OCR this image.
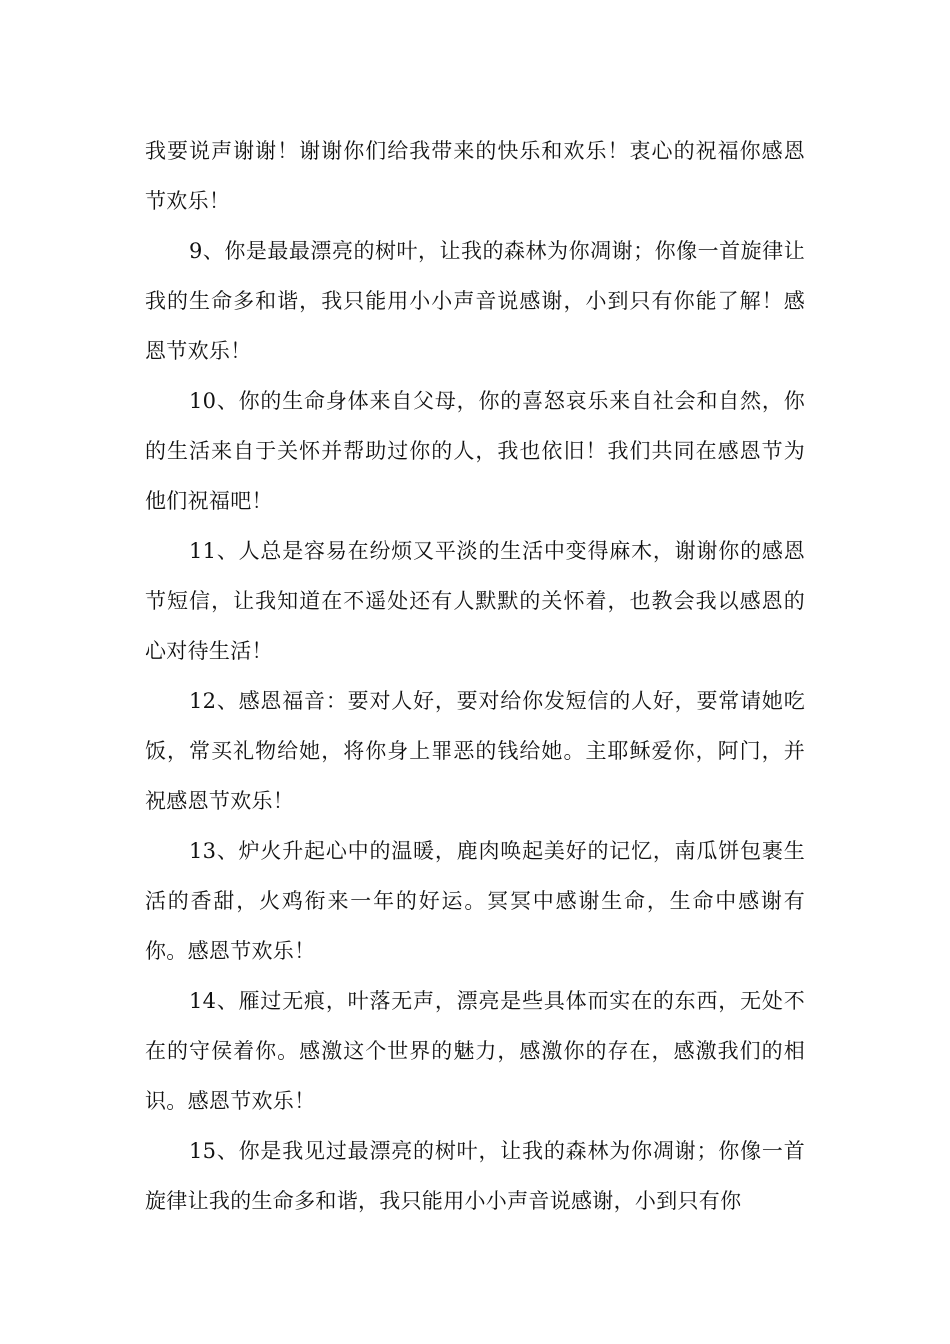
我要说声谢谢！谢谢你们给我带来的快乐和欢乐！衷心的祝福你感恩节欢乐！

9、你是最最漂亮的树叶，让我的森林为你凋谢；你像一首旋律让我的生命多和谐，我只能用小小声音说感谢，小到只有你能了解！感恩节欢乐！

10、你的生命身体来自父母，你的喜怒哀乐来自社会和自然，你的生活来自于关怀并帮助过你的人，我也依旧！我们共同在感恩节为他们祝福吧！

11、人总是容易在纷烦又平淡的生活中变得麻木，谢谢你的感恩节短信，让我知道在不遥处还有人默默的关怀着，也教会我以感恩的心对待生活！

12、感恩福音：要对人好，要对给你发短信的人好，要常请她吃饭，常买礼物给她，将你身上罪恶的钱给她。主耶稣爱你，阿门，并祝感恩节欢乐！

13、炉火升起心中的温暖，鹿肉唤起美好的记忆，南瓜饼包裹生活的香甜，火鸡衔来一年的好运。冥冥中感谢生命，生命中感谢有你。感恩节欢乐！

14、雁过无痕，叶落无声，漂亮是些具体而实在的东西，无处不在的守侯着你。感激这个世界的魅力，感激你的存在，感激我们的相识。感恩节欢乐！

15、你是我见过最漂亮的树叶，让我的森林为你凋谢；你像一首旋律让我的生命多和谐，我只能用小小声音说感谢，小到只有你
